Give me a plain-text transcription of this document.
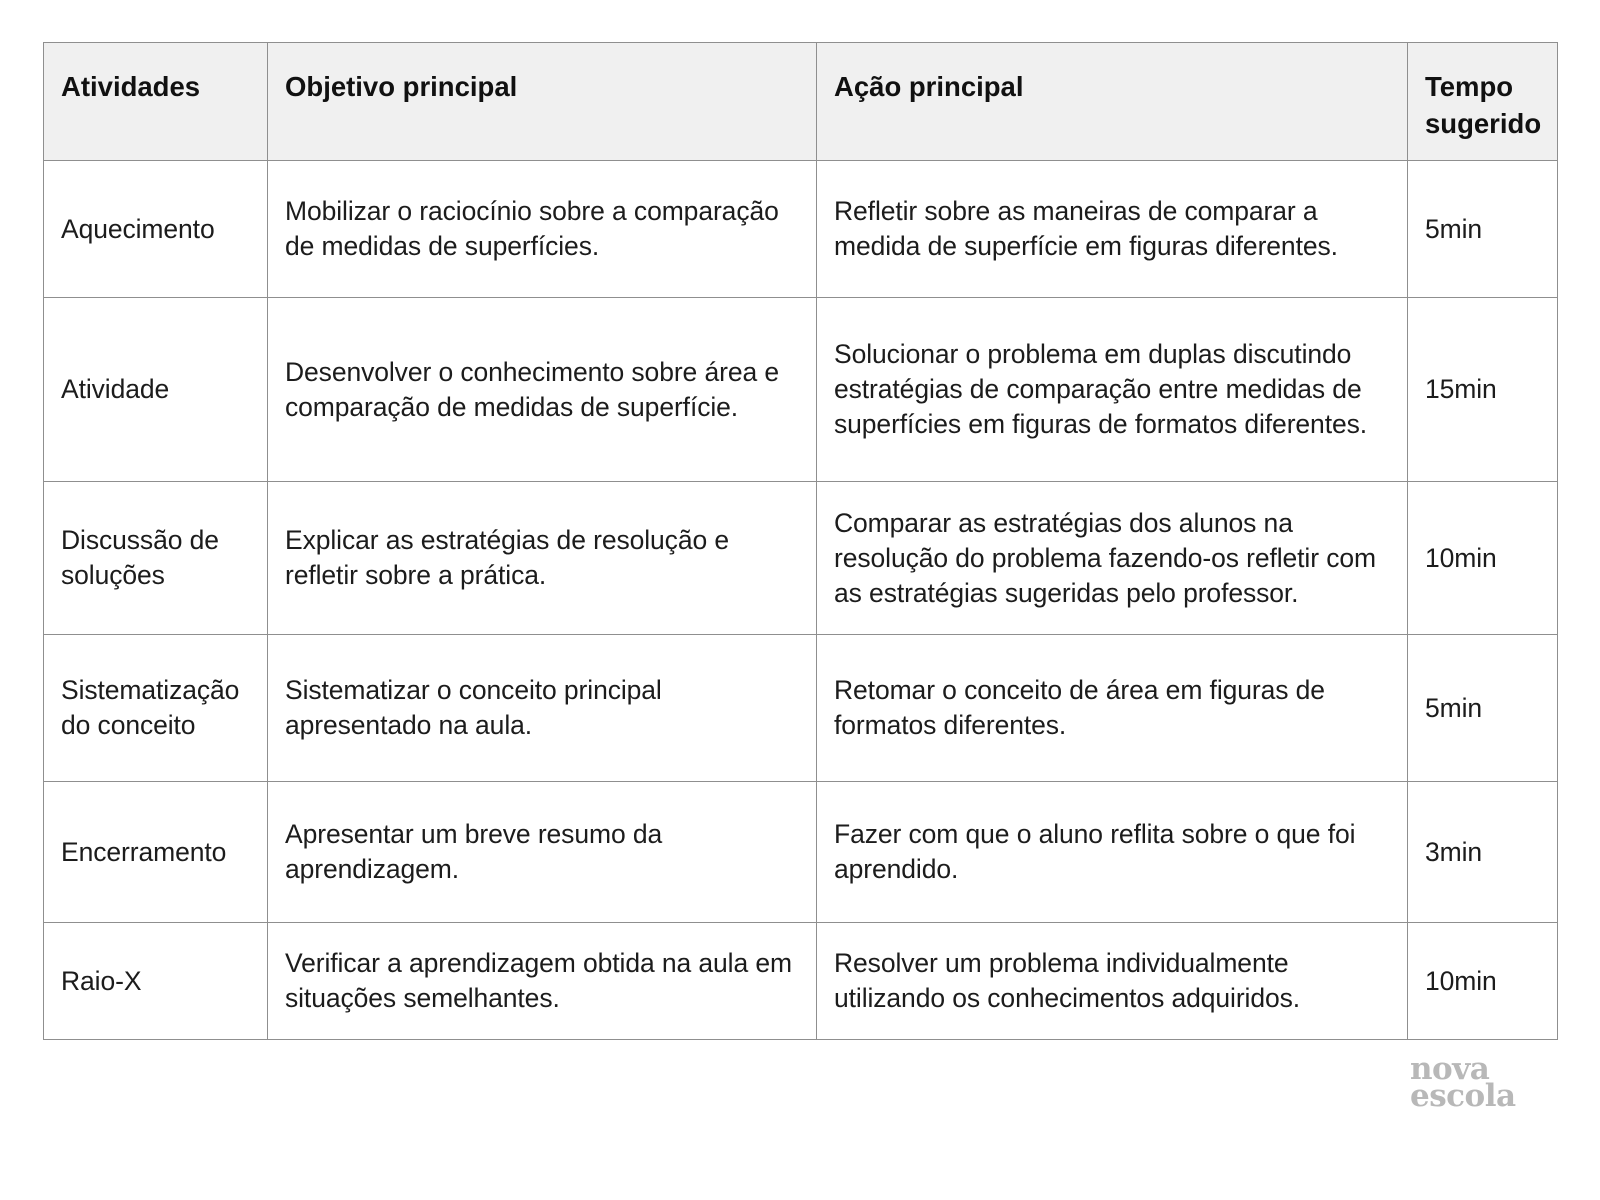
Atividades	Objetivo principal	Ação principal	Tempo sugerido
Aquecimento	Mobilizar o raciocínio sobre a comparação de medidas de superfícies.	Refletir sobre as maneiras de comparar a medida de superfície em figuras diferentes.	5min
Atividade	Desenvolver o conhecimento sobre área e comparação de medidas de superfície.	Solucionar o problema em duplas discutindo estratégias de comparação entre medidas de superfícies em figuras de formatos diferentes.	15min
Discussão de soluções	Explicar as estratégias de resolução e refletir sobre a prática.	Comparar as estratégias dos alunos na resolução do problema fazendo-os refletir com as estratégias sugeridas pelo professor.	10min
Sistematização do conceito	Sistematizar o conceito principal apresentado na aula.	Retomar o conceito de área em figuras de formatos diferentes.	5min
Encerramento	Apresentar um breve resumo da aprendizagem.	Fazer com que o aluno reflita sobre o que foi aprendido.	3min
Raio-X	Verificar a aprendizagem obtida na aula em situações semelhantes.	Resolver um problema individualmente utilizando os conhecimentos adquiridos.	10min
nova
escola
